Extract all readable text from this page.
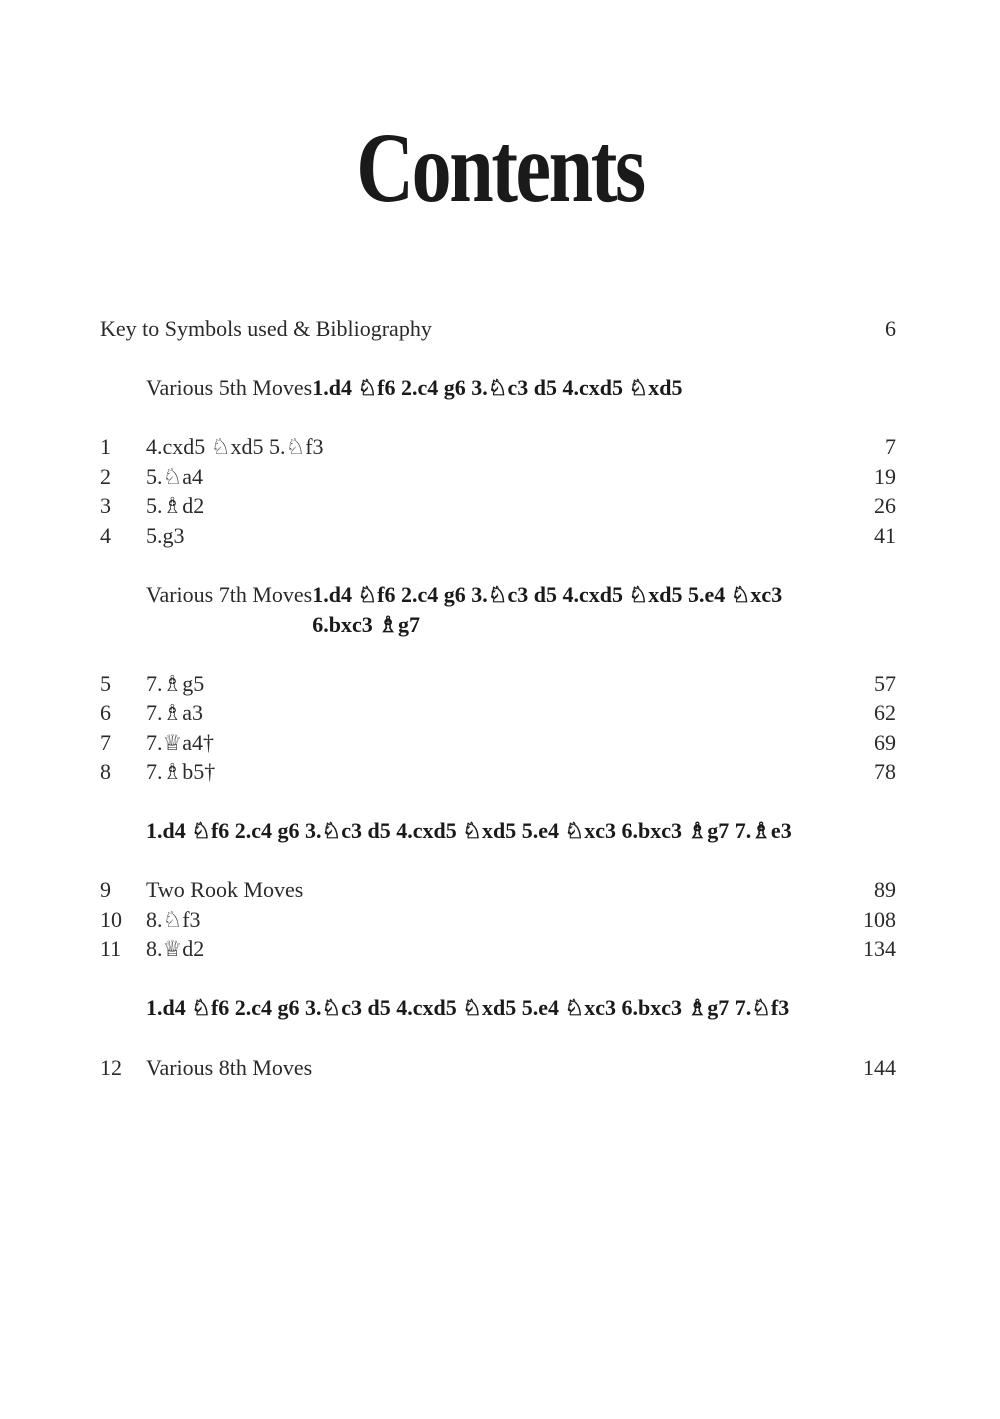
Contents
Key to Symbols used & Bibliography	6
Various 5th Moves1.d4 ♘f6 2.c4 g6 3.♘c3 d5 4.cxd5 ♘xd5
1 4.cxd5 ♘xd5 5.♘f3	7
2 5.♘a4	19
3 5.♗d2	26
4 5.g3	41
Various 7th Moves1.d4 ♘f6 2.c4 g6 3.♘c3 d5 4.cxd5 ♘xd5 5.e4 ♘xc3 6.bxc3 ♗g7
5 7.♗g5	57
6 7.♗a3	62
7 7.♕a4†	69
8 7.♗b5†	78
1.d4 ♘f6 2.c4 g6 3.♘c3 d5 4.cxd5 ♘xd5 5.e4 ♘xc3 6.bxc3 ♗g7 7.♗e3
9 Two Rook Moves	89
10 8.♘f3	108
11 8.♕d2	134
1.d4 ♘f6 2.c4 g6 3.♘c3 d5 4.cxd5 ♘xd5 5.e4 ♘xc3 6.bxc3 ♗g7 7.♘f3
12 Various 8th Moves	144
